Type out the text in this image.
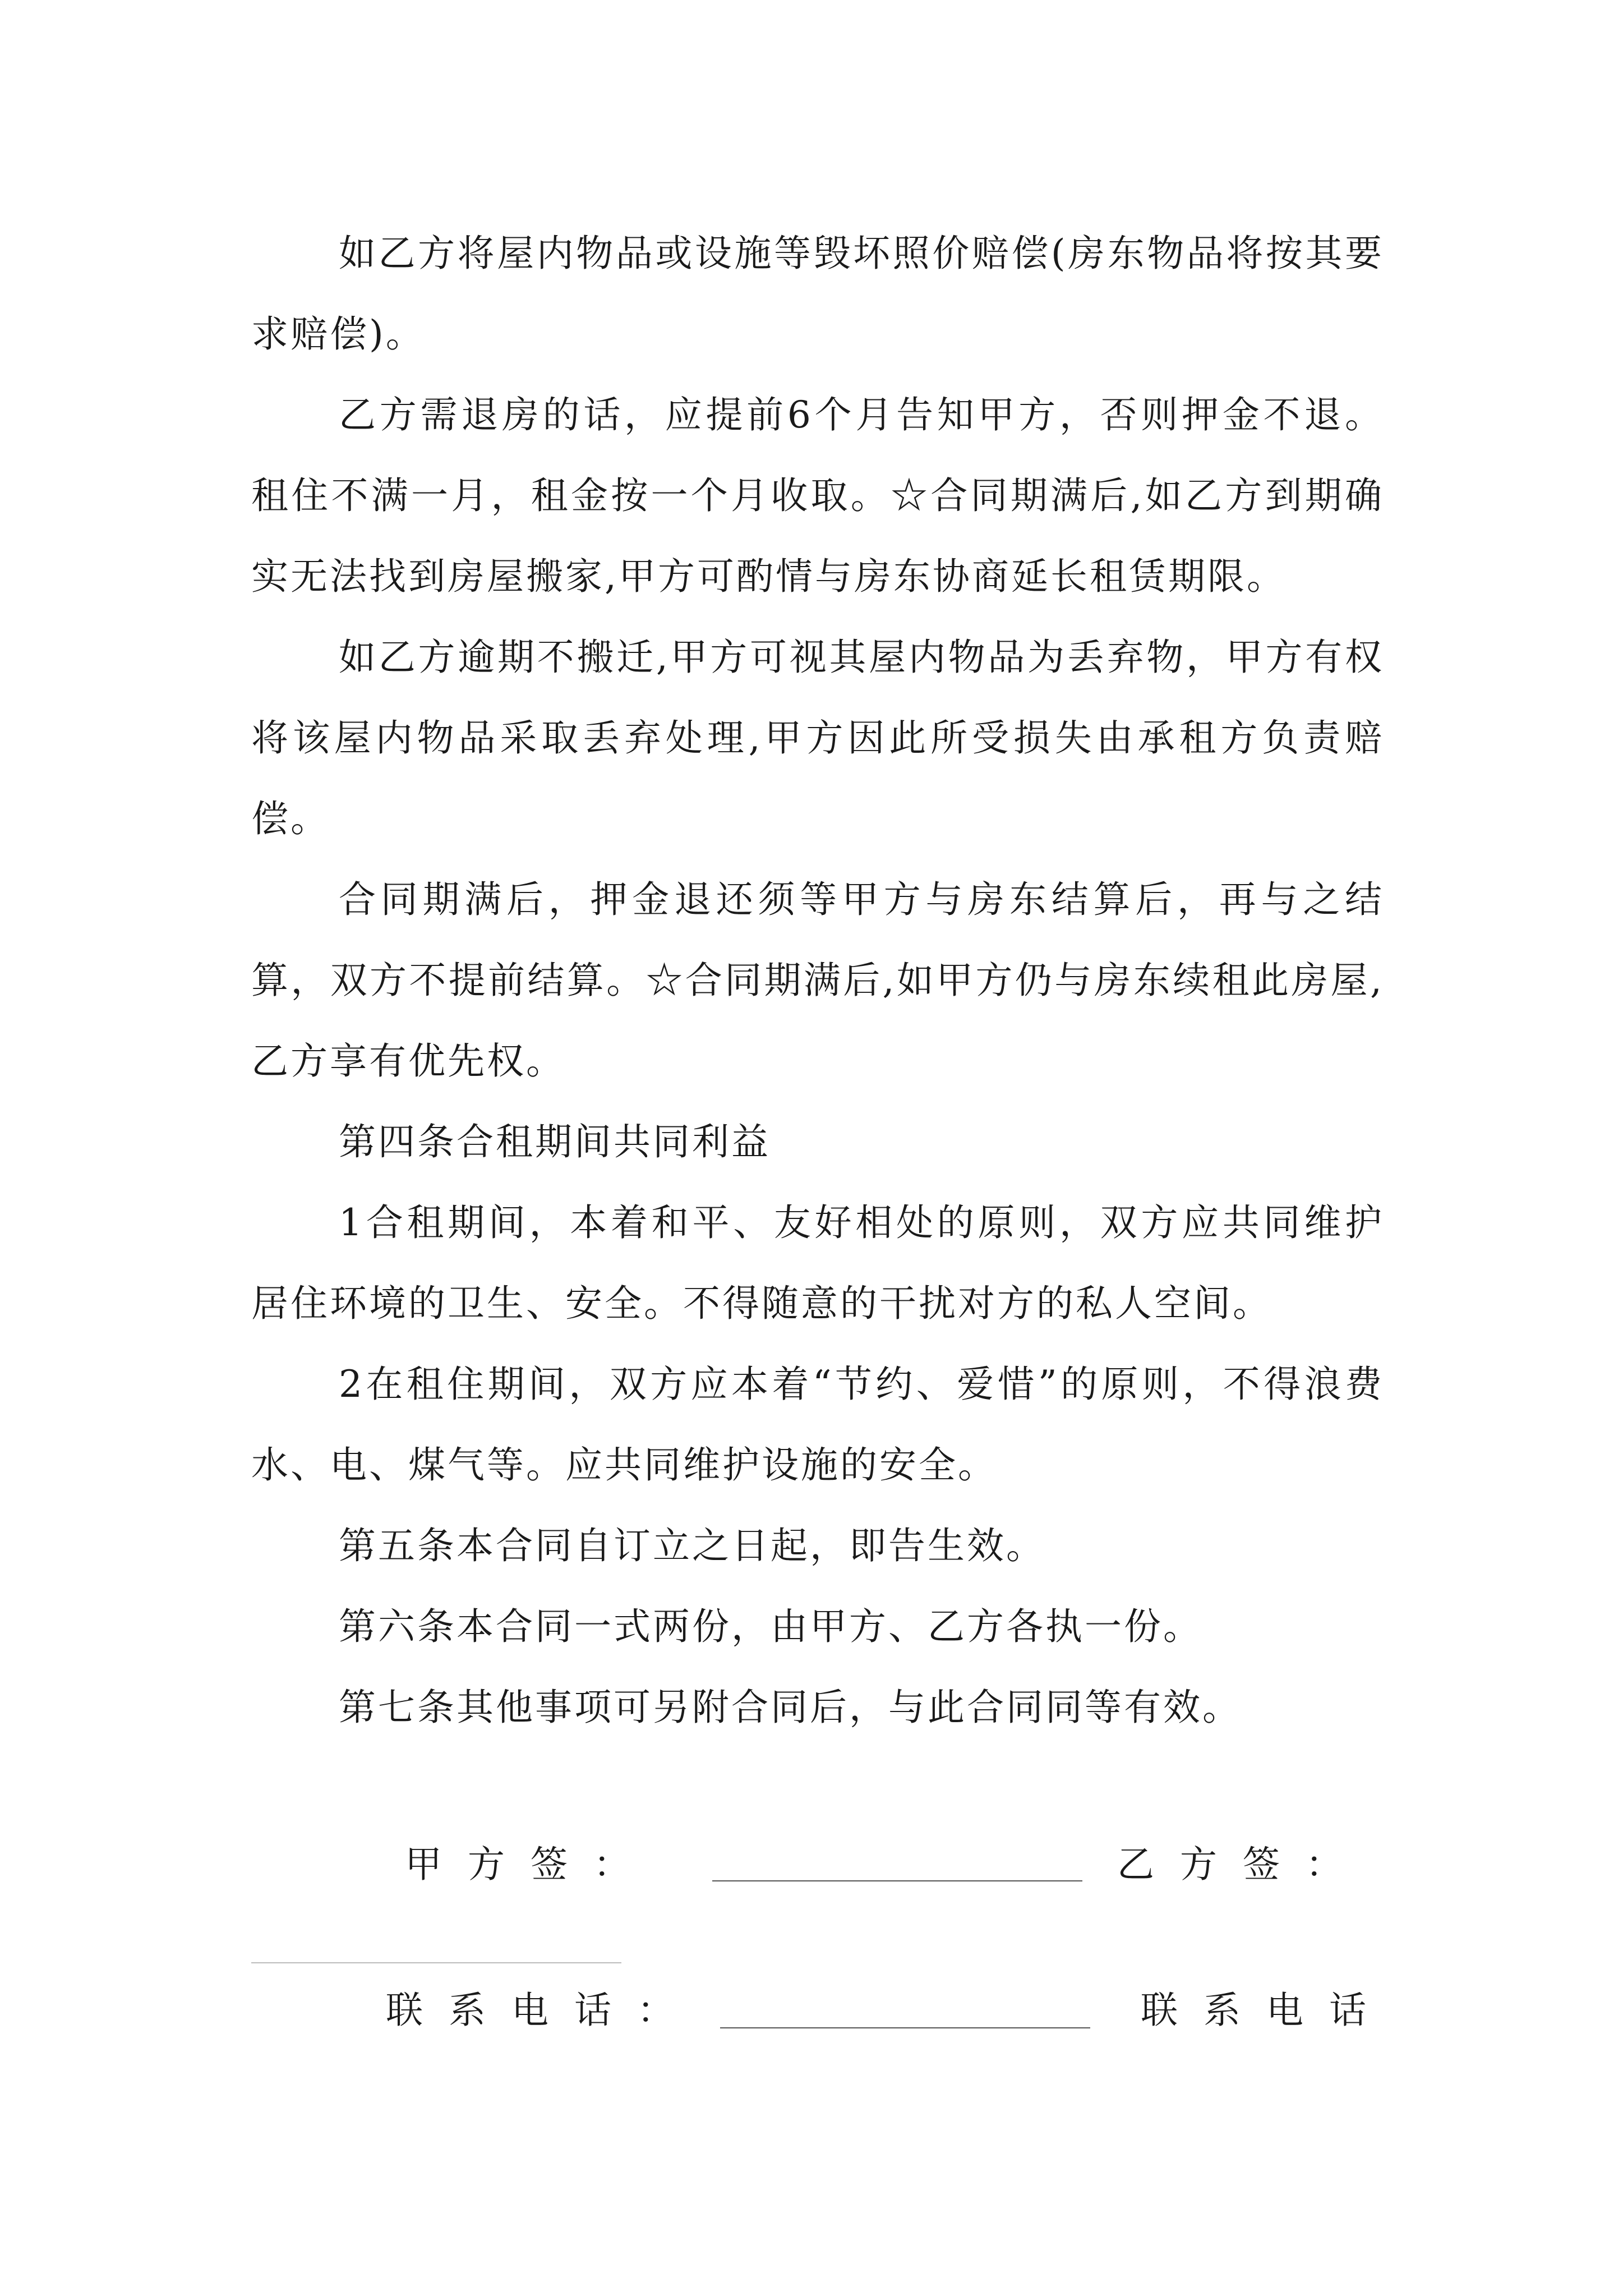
如乙方将屋内物品或设施等毁坏照价赔偿(房东物品将按其要求赔偿)。

乙方需退房的话，应提前6个月告知甲方，否则押金不退。租住不满一月，租金按一个月收取。☆合同期满后,如乙方到期确实无法找到房屋搬家,甲方可酌情与房东协商延长租赁期限。

如乙方逾期不搬迁,甲方可视其屋内物品为丢弃物，甲方有权将该屋内物品采取丢弃处理,甲方因此所受损失由承租方负责赔偿。

合同期满后，押金退还须等甲方与房东结算后，再与之结算，双方不提前结算。☆合同期满后,如甲方仍与房东续租此房屋,乙方享有优先权。

第四条合租期间共同利益

1合租期间，本着和平、友好相处的原则，双方应共同维护居住环境的卫生、安全。不得随意的干扰对方的私人空间。

2在租住期间，双方应本着“节约、爱惜”的原则，不得浪费水、电、煤气等。应共同维护设施的安全。

第五条本合同自订立之日起，即告生效。

第六条本合同一式两份，由甲方、乙方各执一份。

第七条其他事项可另附合同后，与此合同同等有效。

甲方签：	乙方签：
联系电话：	联系电话
